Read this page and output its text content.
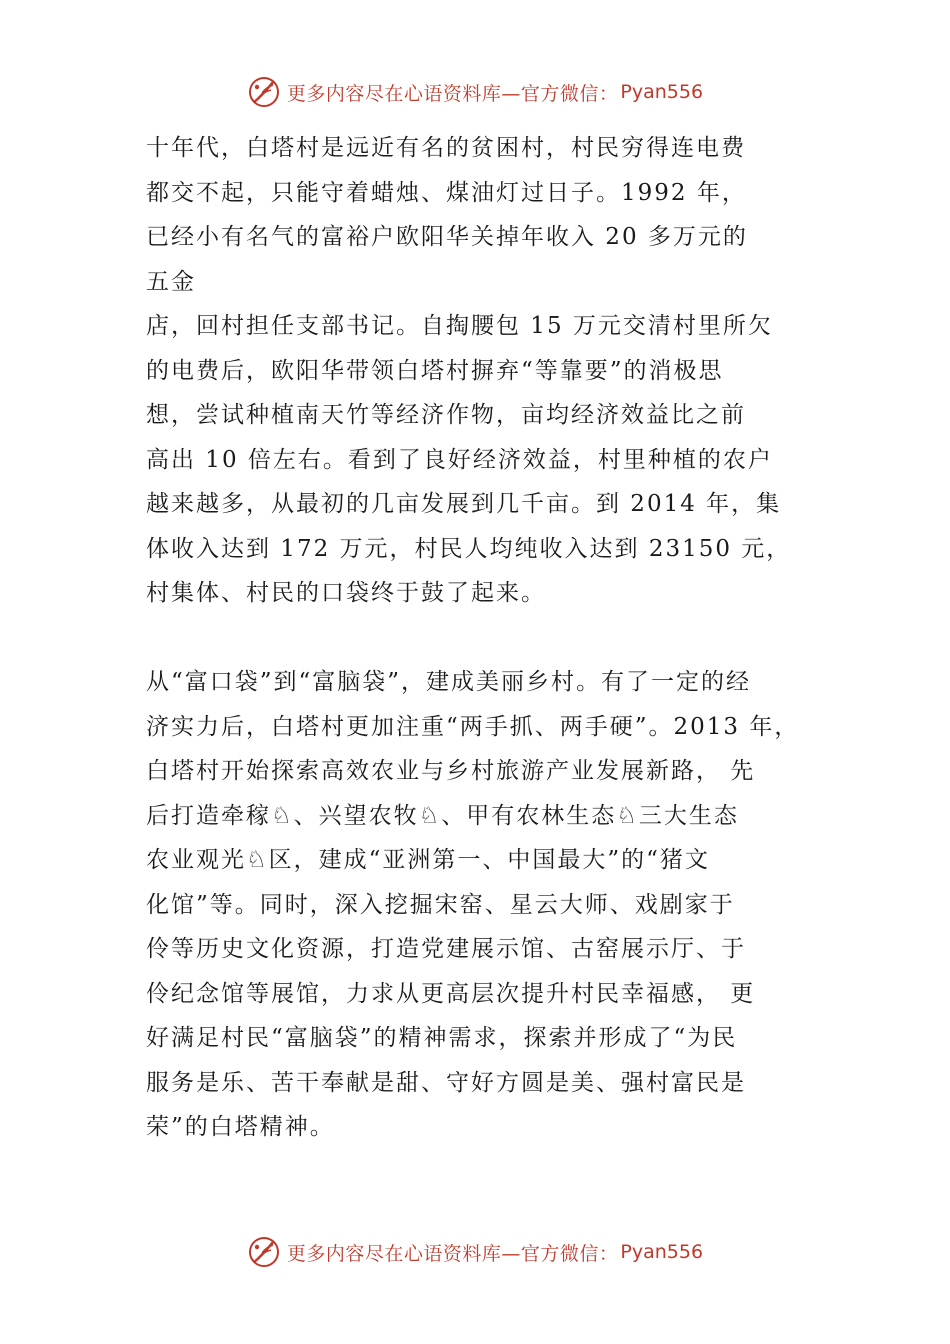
更多内容尽在心语资料库—官方微信： Pyan556
十年代，白塔村是远近有名的贫困村，村民穷得连电费
都交不起，只能守着蜡烛、煤油灯过日子。1992 年，
已经小有名气的富裕户欧阳华关掉年收入 20 多万元的
五金
店，回村担任支部书记。自掏腰包 15 万元交清村里所欠
的电费后，欧阳华带领白塔村摒弃“等靠要”的消极思
想，尝试种植南天竹等经济作物，亩均经济效益比之前
高出 10 倍左右。看到了良好经济效益，村里种植的农户
越来越多，从最初的几亩发展到几千亩。到 2014 年，集
体收入达到 172 万元，村民人均纯收入达到 23150 元，
村集体、村民的口袋终于鼓了起来。
从“富口袋”到“富脑袋”，建成美丽乡村。有了一定的经
济实力后，白塔村更加注重“两手抓、两手硬”。2013 年，
白塔村开始探索高效农业与乡村旅游产业发展新路， 先
后打造牵稼♘、兴望农牧♘、甲有农林生态♘三大生态
农业观光♘区，建成“亚洲第一、中国最大”的“猪文
化馆”等。同时，深入挖掘宋窑、星云大师、戏剧家于
伶等历史文化资源，打造党建展示馆、古窑展示厅、于
伶纪念馆等展馆，力求从更高层次提升村民幸福感， 更
好满足村民“富脑袋”的精神需求，探索并形成了“为民
服务是乐、苦干奉献是甜、守好方圆是美、强村富民是
荣”的白塔精神。
更多内容尽在心语资料库—官方微信： Pyan556
